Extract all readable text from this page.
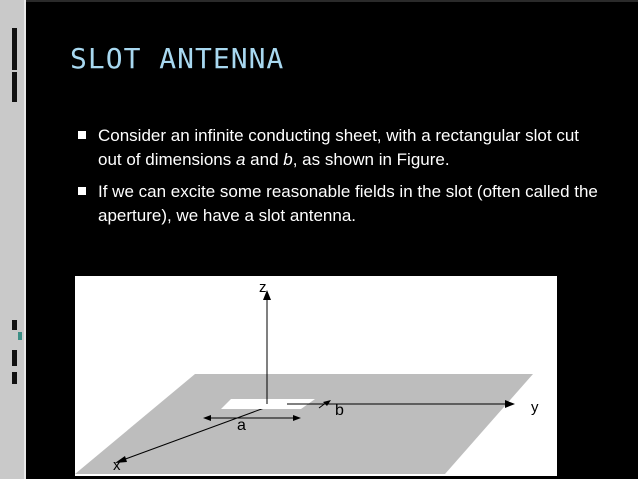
SLOT ANTENNA
Consider an infinite conducting sheet, with a rectangular slot cut out of dimensions a and b, as shown in Figure.
If we can excite some reasonable fields in the slot (often called the aperture), we have a slot antenna.
z
y
x
a
b
